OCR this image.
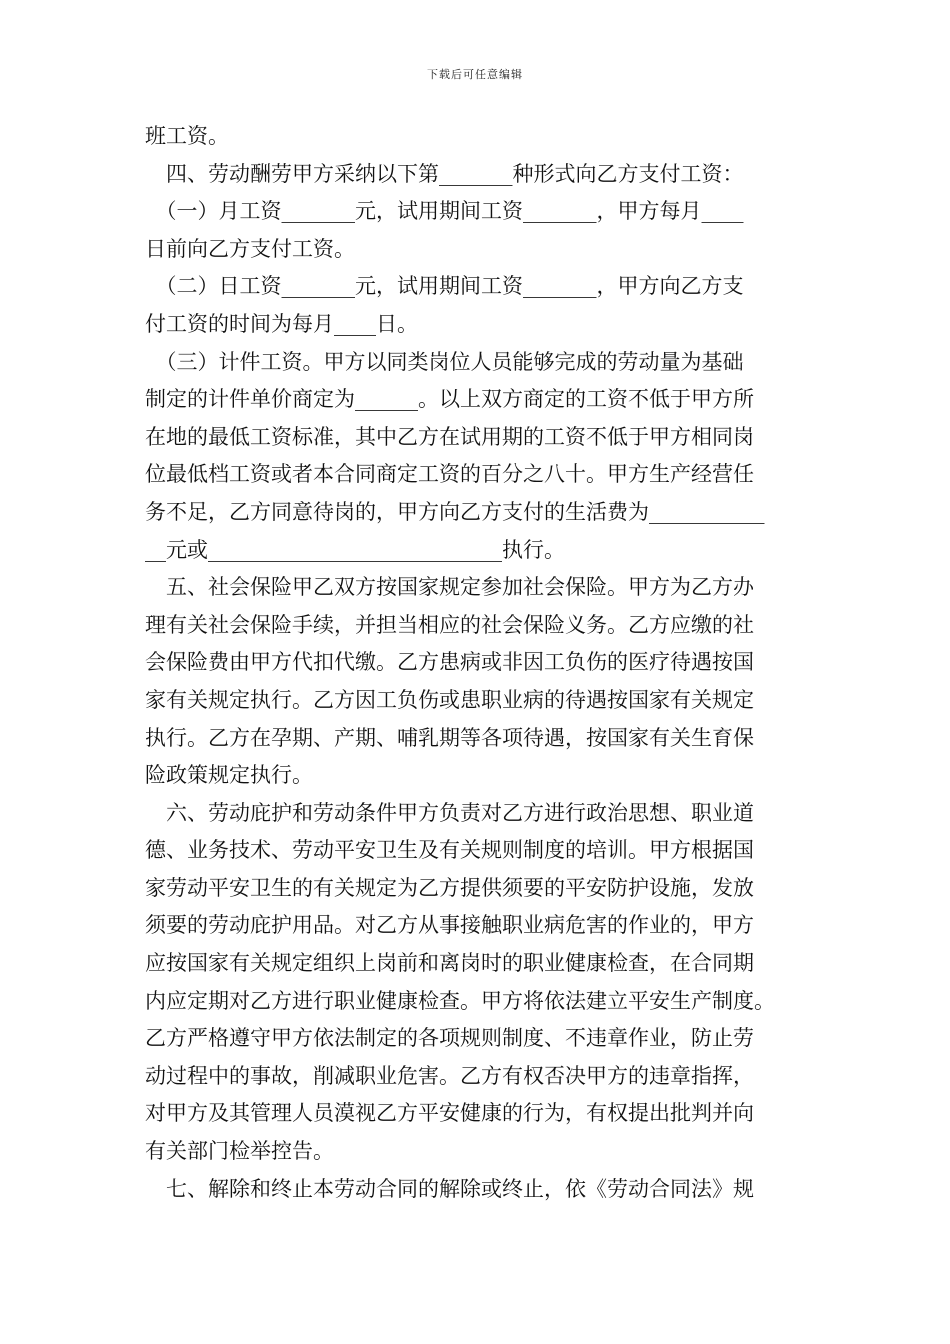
下载后可任意编辑
班工资。
　四、劳动酬劳甲方采纳以下第_______种形式向乙方支付工资：
　（一）月工资_______元，试用期间工资_______，甲方每月____
日前向乙方支付工资。
　（二）日工资_______元，试用期间工资_______，甲方向乙方支
付工资的时间为每月____日。
　（三）计件工资。甲方以同类岗位人员能够完成的劳动量为基础
制定的计件单价商定为______。以上双方商定的工资不低于甲方所
在地的最低工资标准，其中乙方在试用期的工资不低于甲方相同岗
位最低档工资或者本合同商定工资的百分之八十。甲方生产经营任
务不足，乙方同意待岗的，甲方向乙方支付的生活费为___________
__元或____________________________执行。
　五、社会保险甲乙双方按国家规定参加社会保险。甲方为乙方办
理有关社会保险手续，并担当相应的社会保险义务。乙方应缴的社
会保险费由甲方代扣代缴。乙方患病或非因工负伤的医疗待遇按国
家有关规定执行。乙方因工负伤或患职业病的待遇按国家有关规定
执行。乙方在孕期、产期、哺乳期等各项待遇，按国家有关生育保
险政策规定执行。
　六、劳动庇护和劳动条件甲方负责对乙方进行政治思想、职业道
德、业务技术、劳动平安卫生及有关规则制度的培训。甲方根据国
家劳动平安卫生的有关规定为乙方提供须要的平安防护设施，发放
须要的劳动庇护用品。对乙方从事接触职业病危害的作业的，甲方
应按国家有关规定组织上岗前和离岗时的职业健康检查，在合同期
内应定期对乙方进行职业健康检查。甲方将依法建立平安生产制度。
乙方严格遵守甲方依法制定的各项规则制度、不违章作业，防止劳
动过程中的事故，削减职业危害。乙方有权否决甲方的违章指挥，
对甲方及其管理人员漠视乙方平安健康的行为，有权提出批判并向
有关部门检举控告。
　七、解除和终止本劳动合同的解除或终止，依《劳动合同法》规
